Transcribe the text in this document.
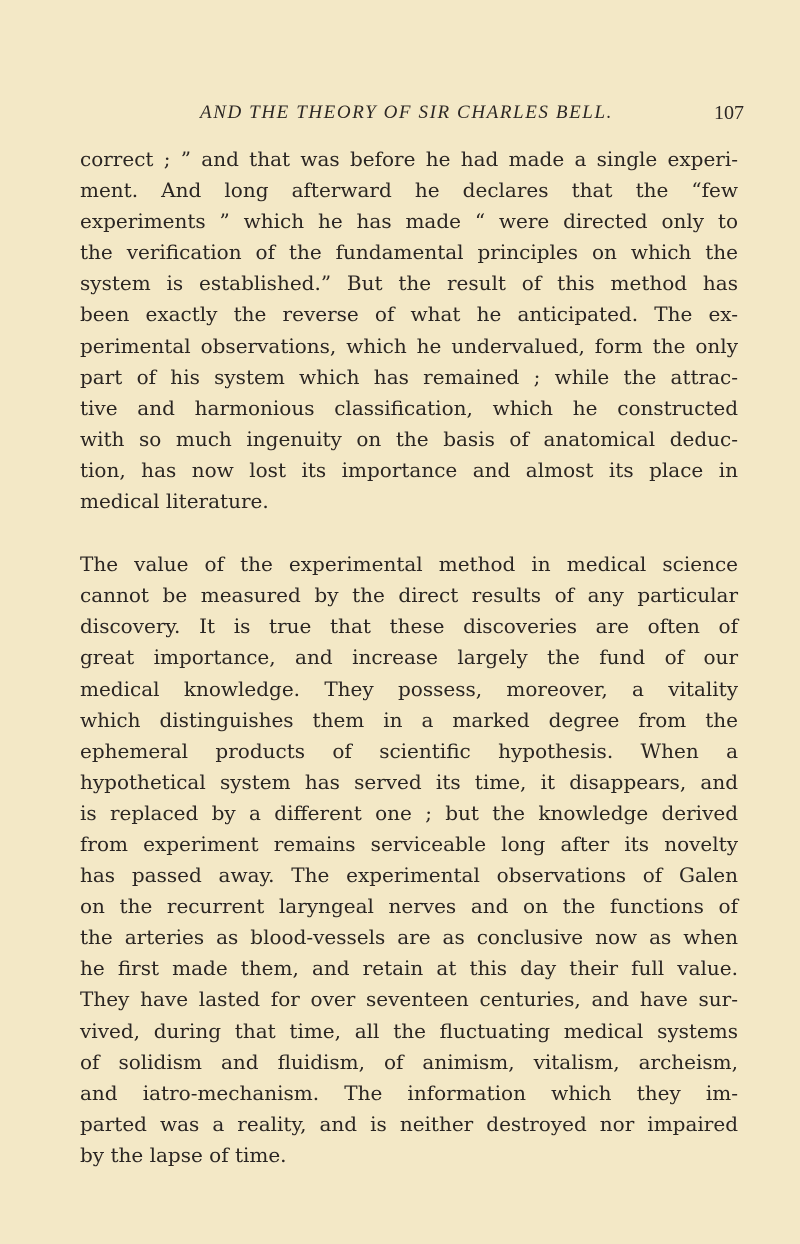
AND THE THEORY OF SIR CHARLES BELL.	107

correct ; ” and that was before he had made a single experi-
ment. And long afterward he declares that the “few
experiments ” which he has made “ were directed only to
the verification of the fundamental principles on which the
system is established.” But the result of this method has
been exactly the reverse of what he anticipated. The ex-
perimental observations, which he undervalued, form the only
part of his system which has remained ; while the attrac-
tive and harmonious classification, which he constructed
with so much ingenuity on the basis of anatomical deduc-
tion, has now lost its importance and almost its place in
medical literature.

The value of the experimental method in medical science
cannot be measured by the direct results of any particular
discovery. It is true that these discoveries are often of
great importance, and increase largely the fund of our
medical knowledge. They possess, moreover, a vitality
which distinguishes them in a marked degree from the
ephemeral products of scientific hypothesis. When a
hypothetical system has served its time, it disappears, and
is replaced by a different one ; but the knowledge derived
from experiment remains serviceable long after its novelty
has passed away. The experimental observations of Galen
on the recurrent laryngeal nerves and on the functions of
the arteries as blood-vessels are as conclusive now as when
he first made them, and retain at this day their full value.
They have lasted for over seventeen centuries, and have sur-
vived, during that time, all the fluctuating medical systems
of solidism and fluidism, of animism, vitalism, archeism,
and iatro-mechanism. The information which they im-
parted was a reality, and is neither destroyed nor impaired
by the lapse of time.
